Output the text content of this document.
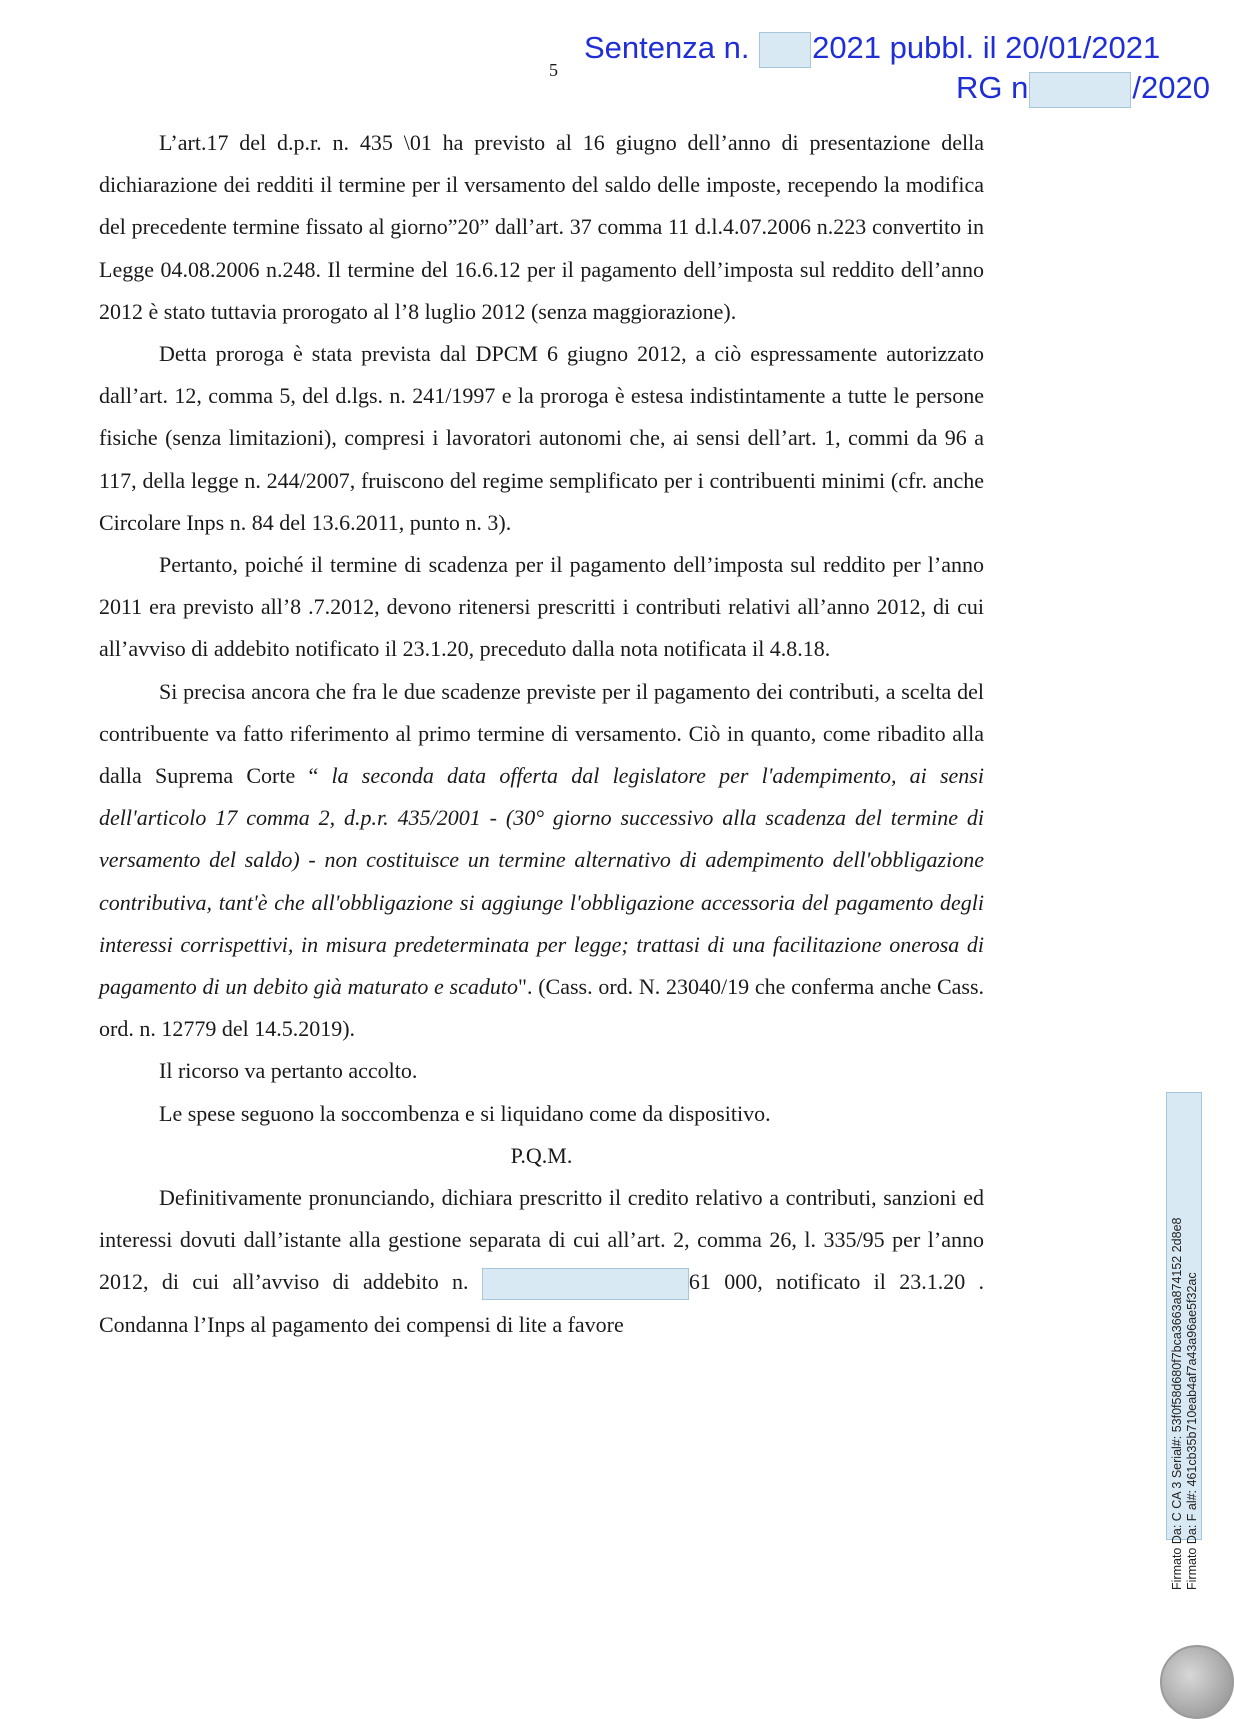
5
Sentenza n. 2021 pubbl. il 20/01/2021
RG n	/2020

L’art.17 del d.p.r. n. 435 \01 ha previsto al 16 giugno dell’anno di presentazione della dichiarazione dei redditi il termine per il versamento del saldo delle imposte, recependo la modifica del precedente termine fissato al giorno”20” dall’art. 37 comma 11 d.l.4.07.2006 n.223 convertito in Legge 04.08.2006 n.248. Il termine del 16.6.12 per il pagamento dell’imposta sul reddito dell’anno 2012 è stato tuttavia prorogato al l’8 luglio 2012 (senza maggiorazione).

Detta proroga è stata prevista dal DPCM 6 giugno 2012, a ciò espressamente autorizzato dall’art. 12, comma 5, del d.lgs. n. 241/1997 e la proroga è estesa indistintamente a tutte le persone fisiche (senza limitazioni), compresi i lavoratori autonomi che, ai sensi dell’art. 1, commi da 96 a 117, della legge n. 244/2007, fruiscono del regime semplificato per i contribuenti minimi (cfr. anche Circolare Inps n. 84 del 13.6.2011, punto n. 3).

Pertanto, poiché il termine di scadenza per il pagamento dell’imposta sul reddito per l’anno 2011 era previsto all’8 .7.2012, devono ritenersi prescritti i contributi relativi all’anno 2012, di cui all’avviso di addebito notificato il 23.1.20, preceduto dalla nota notificata il 4.8.18.

Si precisa ancora che fra le due scadenze previste per il pagamento dei contributi, a scelta del contribuente va fatto riferimento al primo termine di versamento. Ciò in quanto, come ribadito alla dalla Suprema Corte “ la seconda data offerta dal legislatore per l'adempimento, ai sensi dell'articolo 17 comma 2, d.p.r. 435/2001 - (30° giorno successivo alla scadenza del termine di versamento del saldo) - non costituisce un termine alternativo di adempimento dell'obbligazione contributiva, tant'è che all'obbligazione si aggiunge l'obbligazione accessoria del pagamento degli interessi corrispettivi, in misura predeterminata per legge; trattasi di una facilitazione onerosa di pagamento di un debito già maturato e scaduto". (Cass. ord. N. 23040/19 che conferma anche Cass. ord. n. 12779 del 14.5.2019).

Il ricorso va pertanto accolto.

Le spese seguono la soccombenza e si liquidano come da dispositivo.

P.Q.M.

Definitivamente pronunciando, dichiara prescritto il credito relativo a contributi, sanzioni ed interessi dovuti dall’istante alla gestione separata di cui all’art. 2, comma 26, l. 335/95 per l’anno 2012, di cui all’avviso di addebito n.	61 000, notificato il 23.1.20 . Condanna l’Inps al pagamento dei compensi di lite a favore	Firmato Da: C CA 3 Serial#: 53f0f58d680f7bca3663a874152 2d8e8 Firmato Da: F al#: 461cb35b710eab4af7a43a96ae5f32ac
